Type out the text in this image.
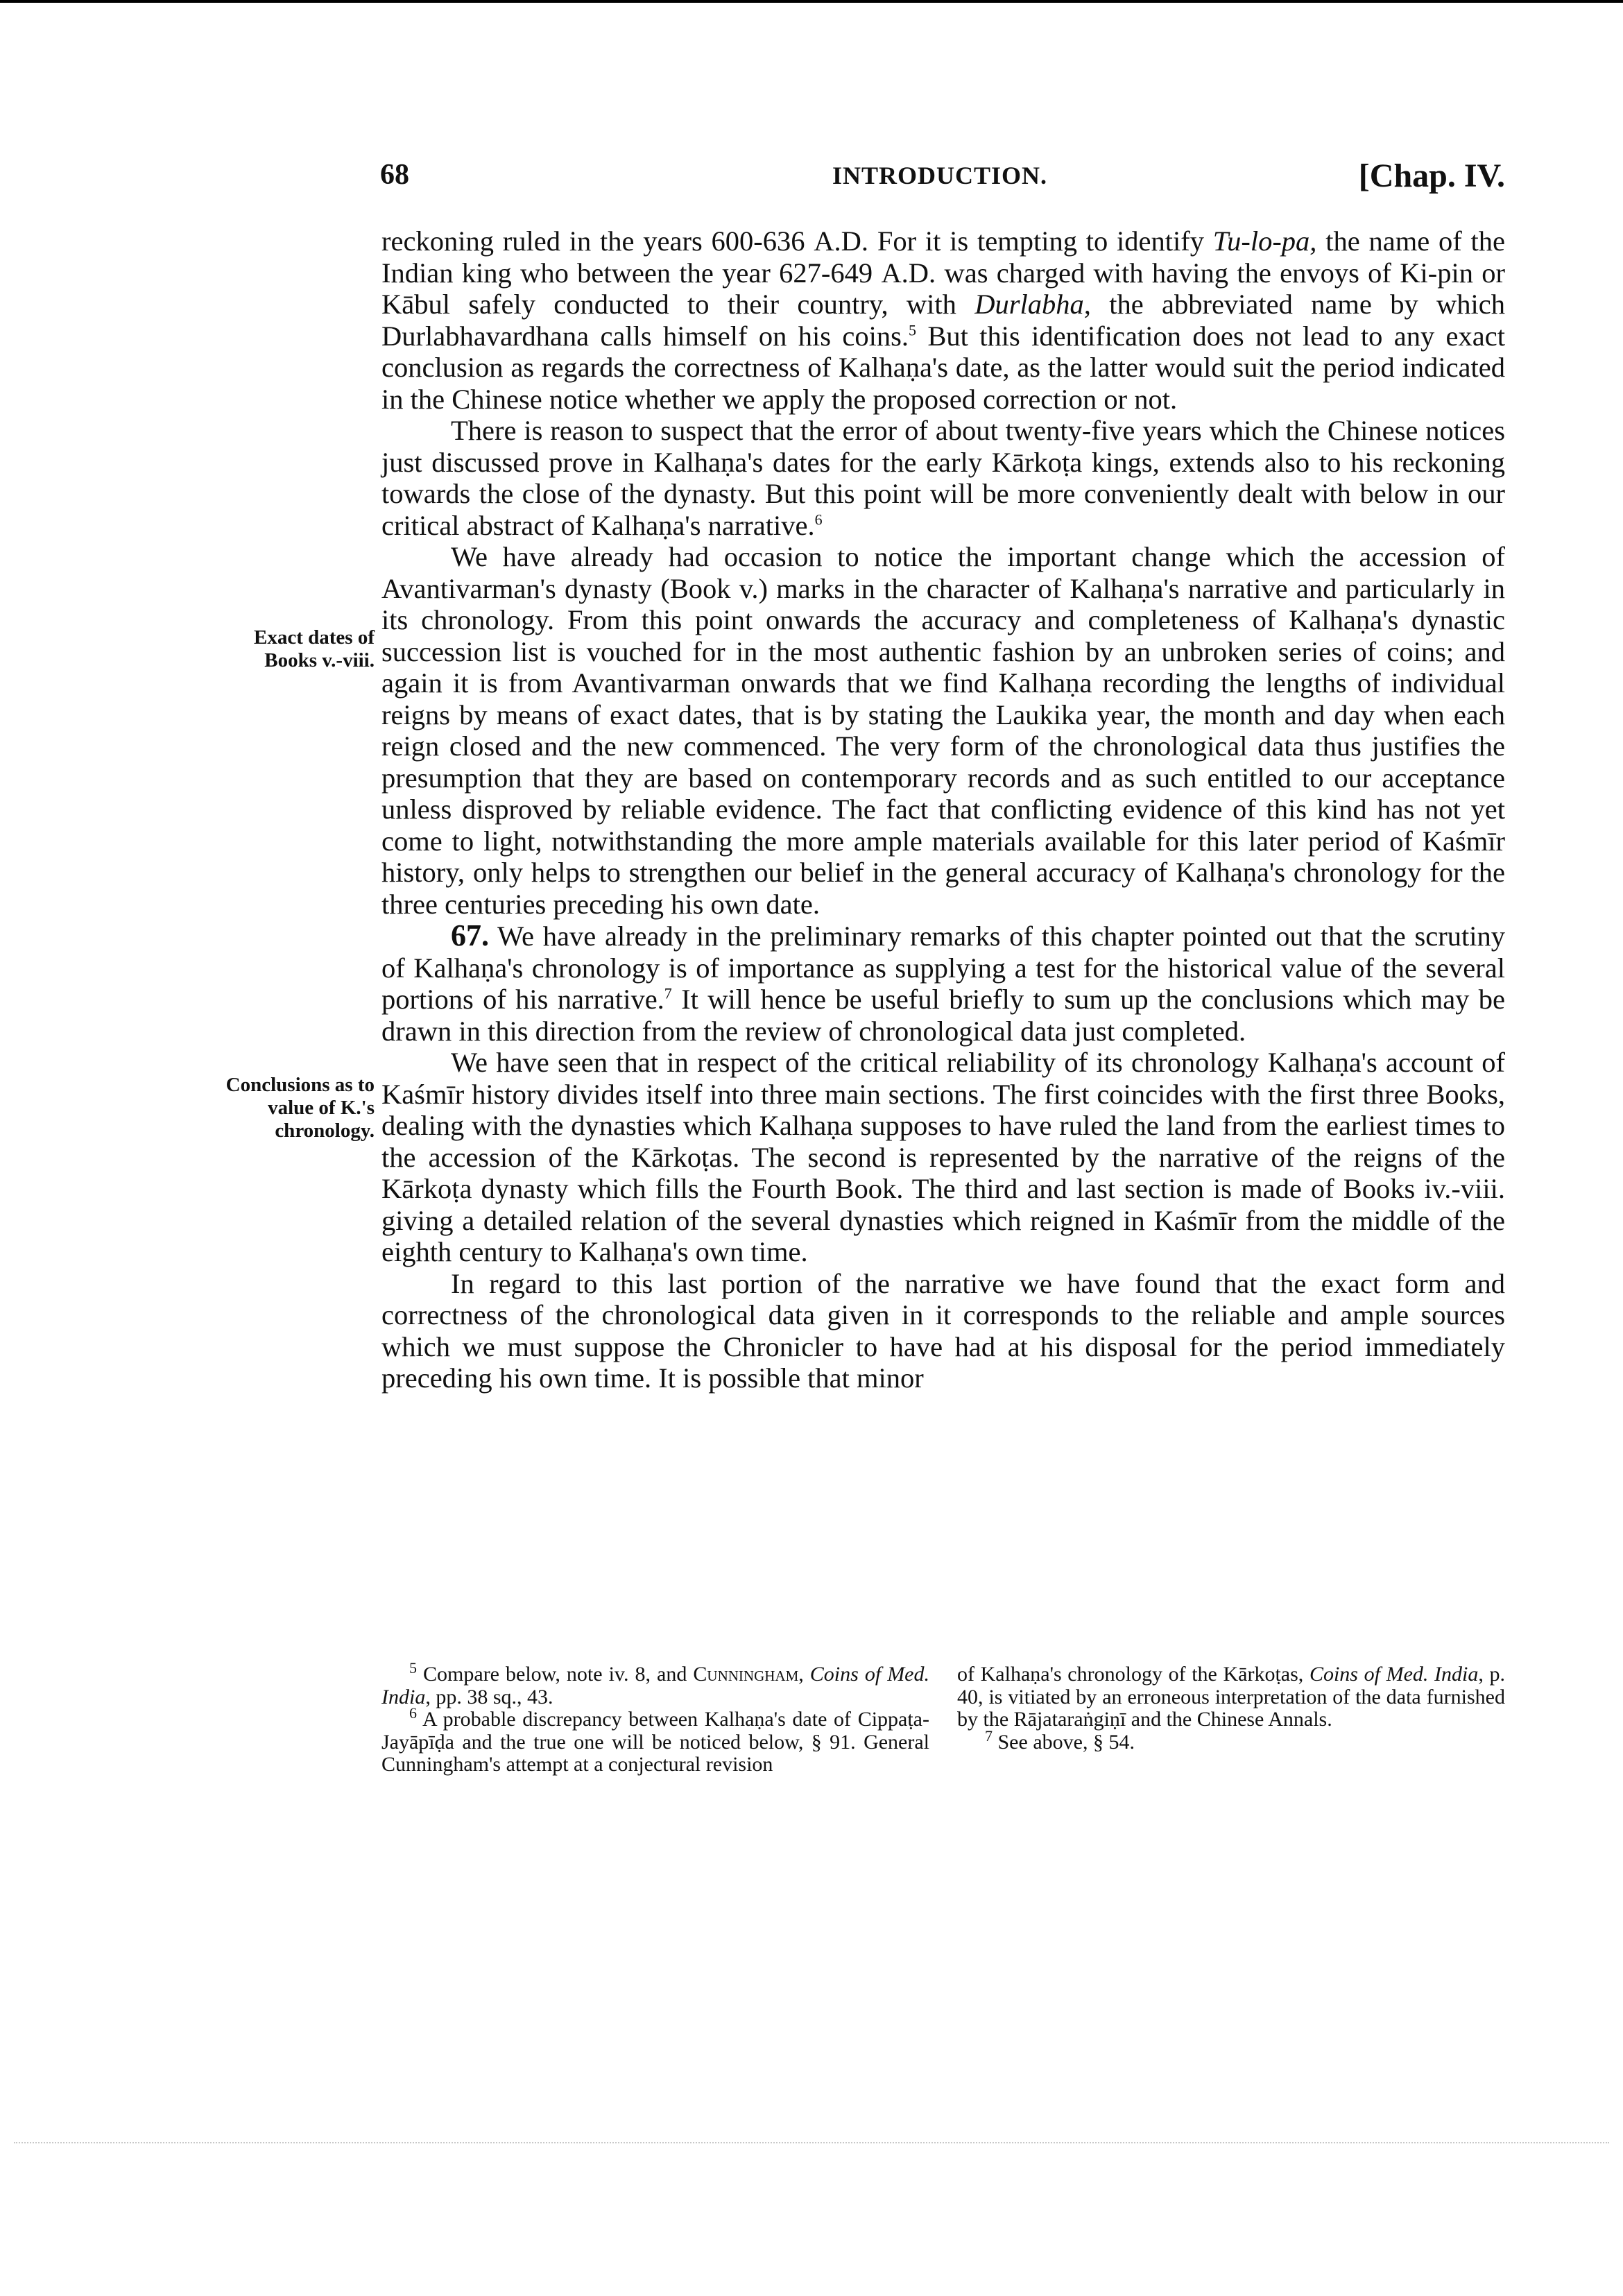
68	INTRODUCTION.	[Chap. IV.
Exact dates of
Books v.-viii.
Conclusions as to
value of K.'s
chronology.

reckoning ruled in the years 600-636 A.D. For it is tempting to identify Tu-lo-pa, the name of the Indian king who between the year 627-649 A.D. was charged with having the envoys of Ki-pin or Kābul safely conducted to their country, with Durlabha, the abbreviated name by which Durlabhavardhana calls himself on his coins.$^5$ But this identification does not lead to any exact conclusion as regards the correctness of Kalhaṇa's date, as the latter would suit the period indicated in the Chinese notice whether we apply the proposed correction or not.

There is reason to suspect that the error of about twenty-five years which the Chinese notices just discussed prove in Kalhaṇa's dates for the early Kārkoṭa kings, extends also to his reckoning towards the close of the dynasty. But this point will be more conveniently dealt with below in our critical abstract of Kalhaṇa's narrative.$^6$

We have already had occasion to notice the important change which the accession of Avantivarman's dynasty (Book v.) marks in the character of Kalhaṇa's narrative and particularly in its chronology. From this point onwards the accuracy and completeness of Kalhaṇa's dynastic succession list is vouched for in the most authentic fashion by an unbroken series of coins; and again it is from Avantivarman onwards that we find Kalhaṇa recording the lengths of individual reigns by means of exact dates, that is by stating the Laukika year, the month and day when each reign closed and the new commenced. The very form of the chronological data thus justifies the presumption that they are based on contemporary records and as such entitled to our acceptance unless disproved by reliable evidence. The fact that conflicting evidence of this kind has not yet come to light, notwithstanding the more ample materials available for this later period of Kaśmīr history, only helps to strengthen our belief in the general accuracy of Kalhaṇa's chronology for the three centuries preceding his own date.

67. We have already in the preliminary remarks of this chapter pointed out that the scrutiny of Kalhaṇa's chronology is of importance as supplying a test for the historical value of the several portions of his narrative.$^7$ It will hence be useful briefly to sum up the conclusions which may be drawn in this direction from the review of chronological data just completed.

We have seen that in respect of the critical reliability of its chronology Kalhaṇa's account of Kaśmīr history divides itself into three main sections. The first coincides with the first three Books, dealing with the dynasties which Kalhaṇa supposes to have ruled the land from the earliest times to the accession of the Kārkoṭas. The second is represented by the narrative of the reigns of the Kārkoṭa dynasty which fills the Fourth Book. The third and last section is made of Books iv.-viii. giving a detailed relation of the several dynasties which reigned in Kaśmīr from the middle of the eighth century to Kalhaṇa's own time.

In regard to this last portion of the narrative we have found that the exact form and correctness of the chronological data given in it corresponds to the reliable and ample sources which we must suppose the Chronicler to have had at his disposal for the period immediately preceding his own time. It is possible that minor

$^5$ Compare below, note iv. 8, and Cunningham, Coins of Med. India, pp. 38 sq., 43.

$^6$ A probable discrepancy between Kalhaṇa's date of Cippaṭa-Jayāpīḍa and the true one will be noticed below, § 91. General Cunningham's attempt at a conjectural revision

of Kalhaṇa's chronology of the Kārkoṭas, Coins of Med. India, p. 40, is vitiated by an erroneous interpretation of the data furnished by the Rājataraṅgiṇī and the Chinese Annals.

$^7$ See above, § 54.
